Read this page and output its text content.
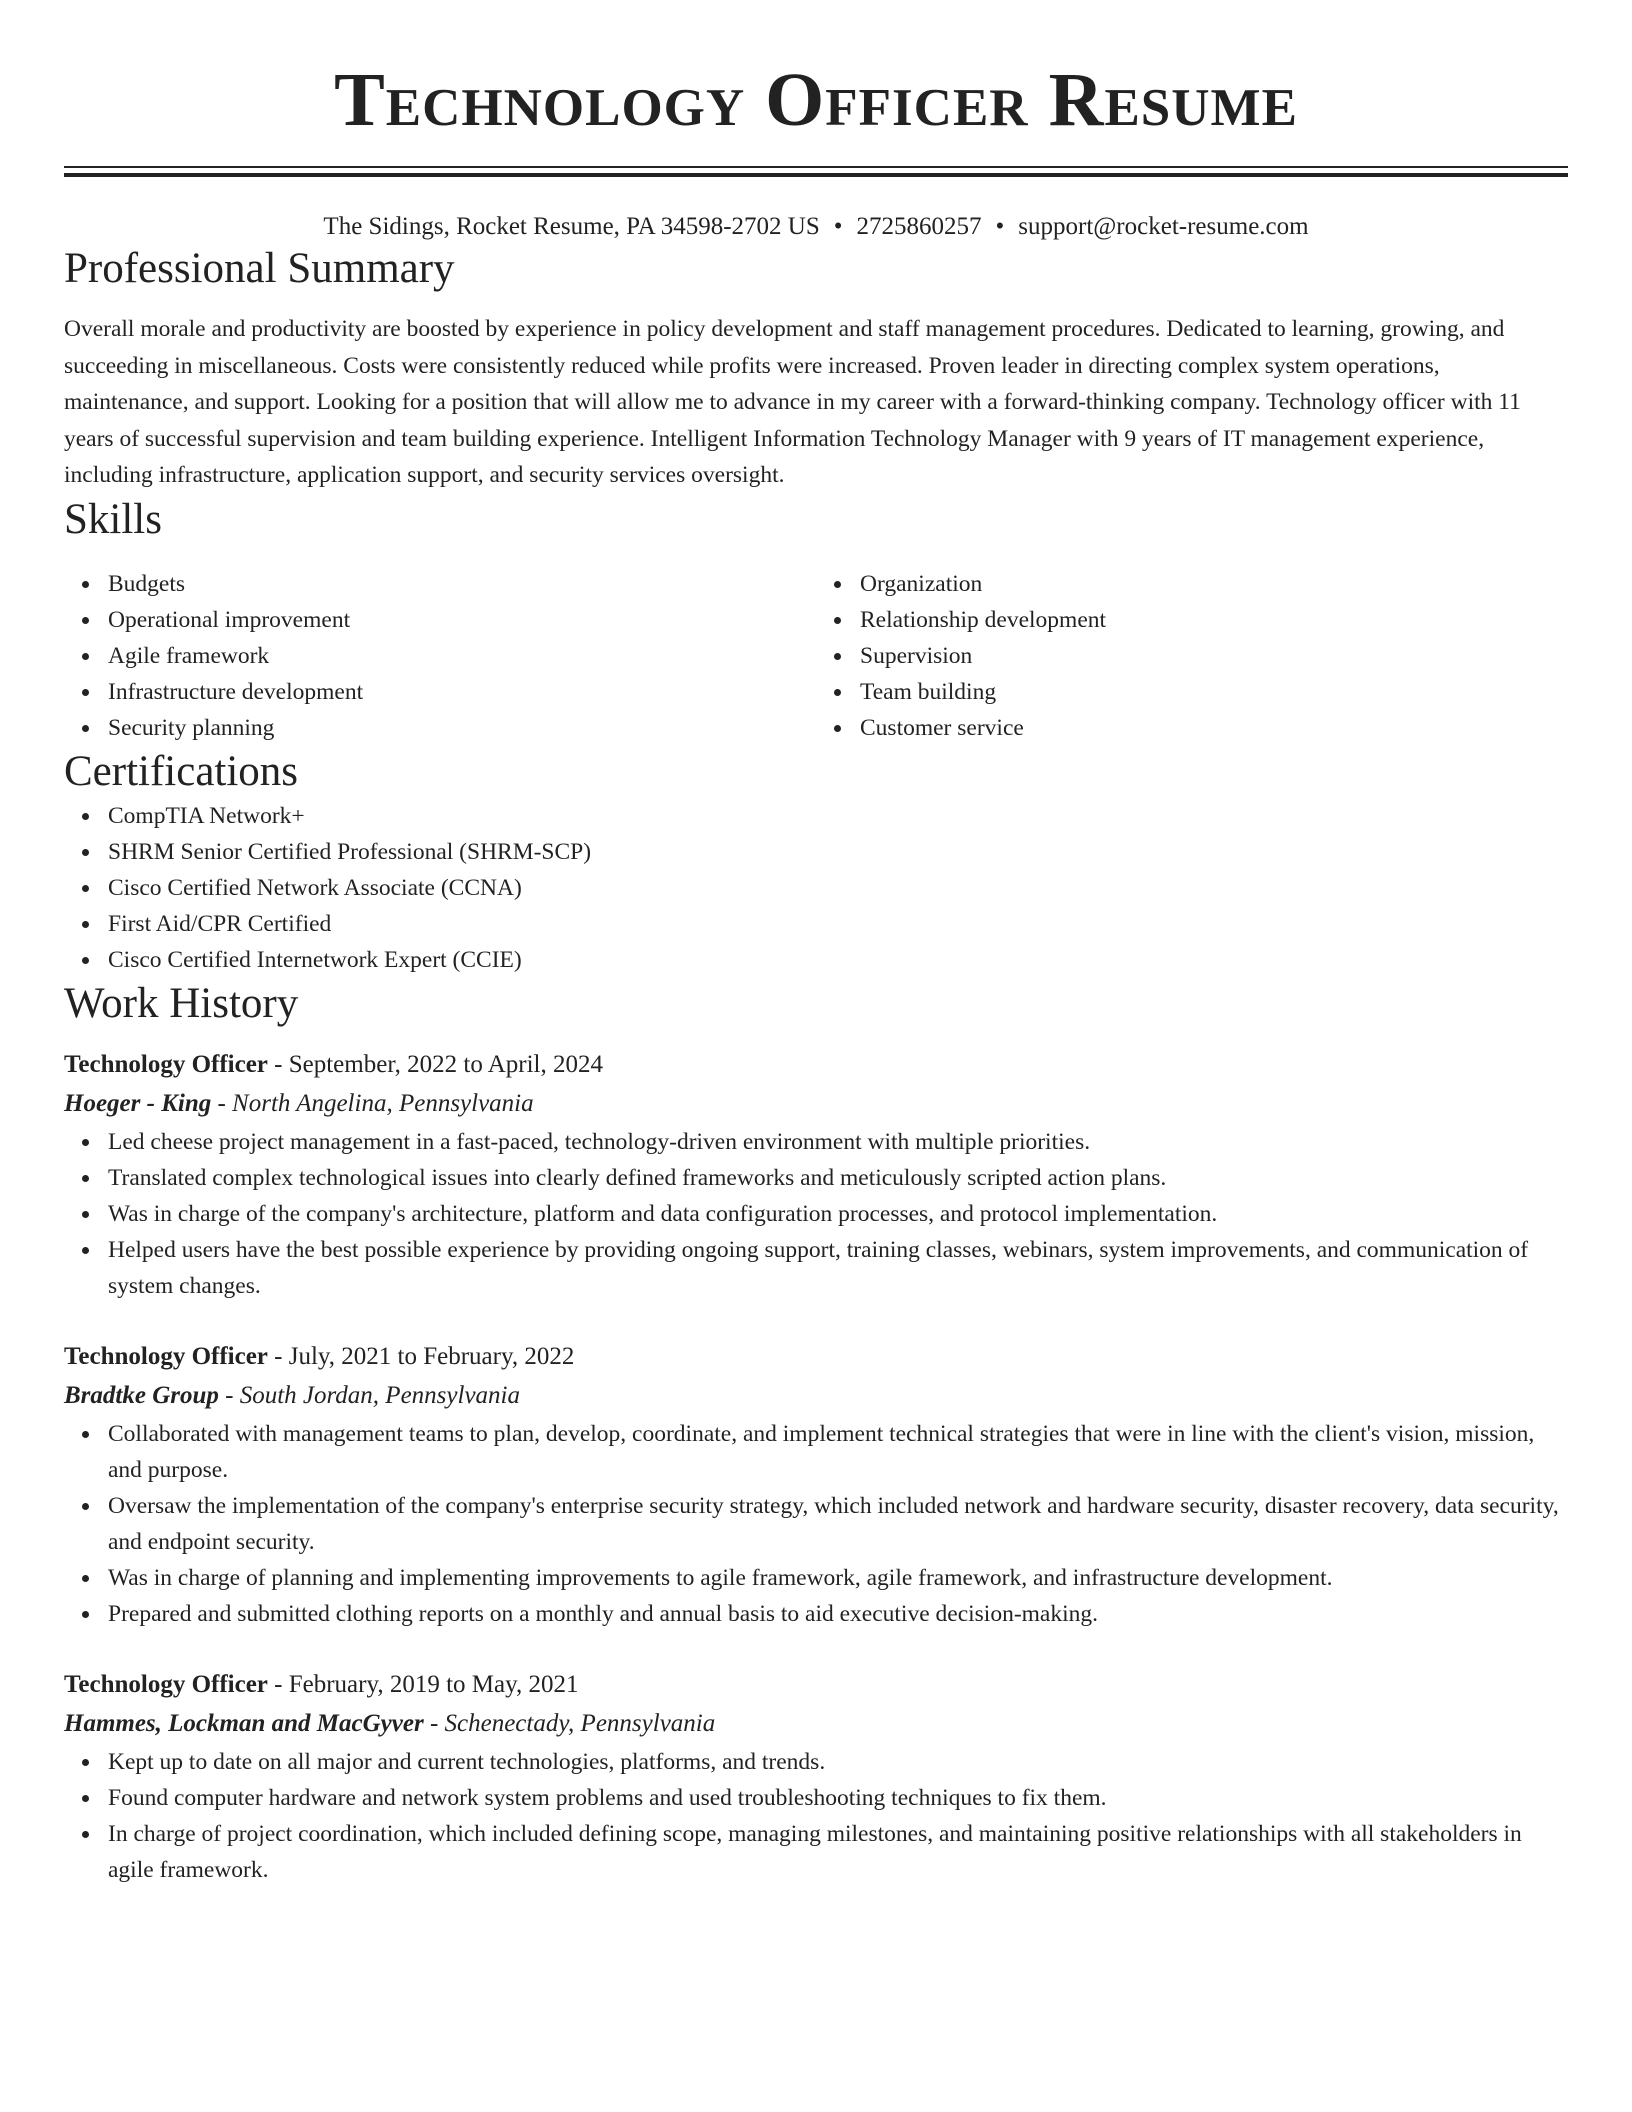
Technology Officer Resume
The Sidings, Rocket Resume, PA 34598-2702 US • 2725860257 • support@rocket-resume.com
Professional Summary

Overall morale and productivity are boosted by experience in policy development and staff management procedures. Dedicated to learning, growing, and succeeding in miscellaneous. Costs were consistently reduced while profits were increased. Proven leader in directing complex system operations, maintenance, and support. Looking for a position that will allow me to advance in my career with a forward-thinking company. Technology officer with 11 years of successful supervision and team building experience. Intelligent Information Technology Manager with 9 years of IT management experience, including infrastructure, application support, and security services oversight.

Skills
Budgets
Operational improvement
Agile framework
Infrastructure development
Security planning
Organization
Relationship development
Supervision
Team building
Customer service
Certifications
CompTIA Network+
SHRM Senior Certified Professional (SHRM-SCP)
Cisco Certified Network Associate (CCNA)
First Aid/CPR Certified
Cisco Certified Internetwork Expert (CCIE)
Work History
Technology Officer - September, 2022 to April, 2024
Hoeger - King - North Angelina, Pennsylvania
Led cheese project management in a fast-paced, technology-driven environment with multiple priorities.
Translated complex technological issues into clearly defined frameworks and meticulously scripted action plans.
Was in charge of the company's architecture, platform and data configuration processes, and protocol implementation.
Helped users have the best possible experience by providing ongoing support, training classes, webinars, system improvements, and communication of system changes.
Technology Officer - July, 2021 to February, 2022
Bradtke Group - South Jordan, Pennsylvania
Collaborated with management teams to plan, develop, coordinate, and implement technical strategies that were in line with the client's vision, mission, and purpose.
Oversaw the implementation of the company's enterprise security strategy, which included network and hardware security, disaster recovery, data security, and endpoint security.
Was in charge of planning and implementing improvements to agile framework, agile framework, and infrastructure development.
Prepared and submitted clothing reports on a monthly and annual basis to aid executive decision-making.
Technology Officer - February, 2019 to May, 2021
Hammes, Lockman and MacGyver - Schenectady, Pennsylvania
Kept up to date on all major and current technologies, platforms, and trends.
Found computer hardware and network system problems and used troubleshooting techniques to fix them.
In charge of project coordination, which included defining scope, managing milestones, and maintaining positive relationships with all stakeholders in agile framework.
